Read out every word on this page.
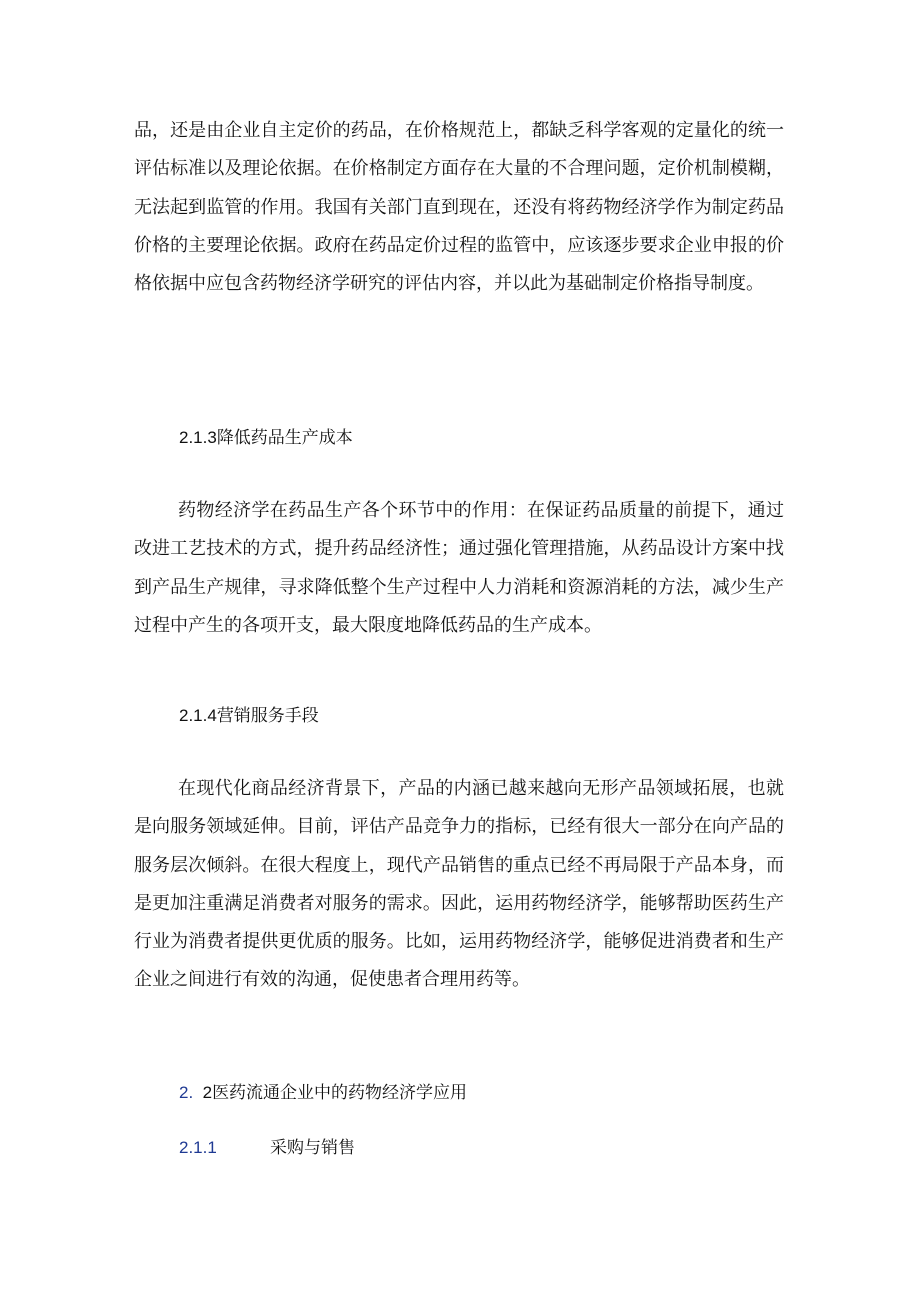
品，还是由企业自主定价的药品，在价格规范上，都缺乏科学客观的定量化的统一评估标准以及理论依据。在价格制定方面存在大量的不合理问题，定价机制模糊，无法起到监管的作用。我国有关部门直到现在，还没有将药物经济学作为制定药品价格的主要理论依据。政府在药品定价过程的监管中，应该逐步要求企业申报的价格依据中应包含药物经济学研究的评估内容，并以此为基础制定价格指导制度。

2.1.3降低药品生产成本

药物经济学在药品生产各个环节中的作用：在保证药品质量的前提下，通过改进工艺技术的方式，提升药品经济性；通过强化管理措施，从药品设计方案中找到产品生产规律，寻求降低整个生产过程中人力消耗和资源消耗的方法，减少生产过程中产生的各项开支，最大限度地降低药品的生产成本。

2.1.4营销服务手段

在现代化商品经济背景下，产品的内涵已越来越向无形产品领域拓展，也就是向服务领域延伸。目前，评估产品竞争力的指标，已经有很大一部分在向产品的服务层次倾斜。在很大程度上，现代产品销售的重点已经不再局限于产品本身，而是更加注重满足消费者对服务的需求。因此，运用药物经济学，能够帮助医药生产行业为消费者提供更优质的服务。比如，运用药物经济学，能够促进消费者和生产企业之间进行有效的沟通，促使患者合理用药等。

2. 2医药流通企业中的药物经济学应用
2.1.1	采购与销售
